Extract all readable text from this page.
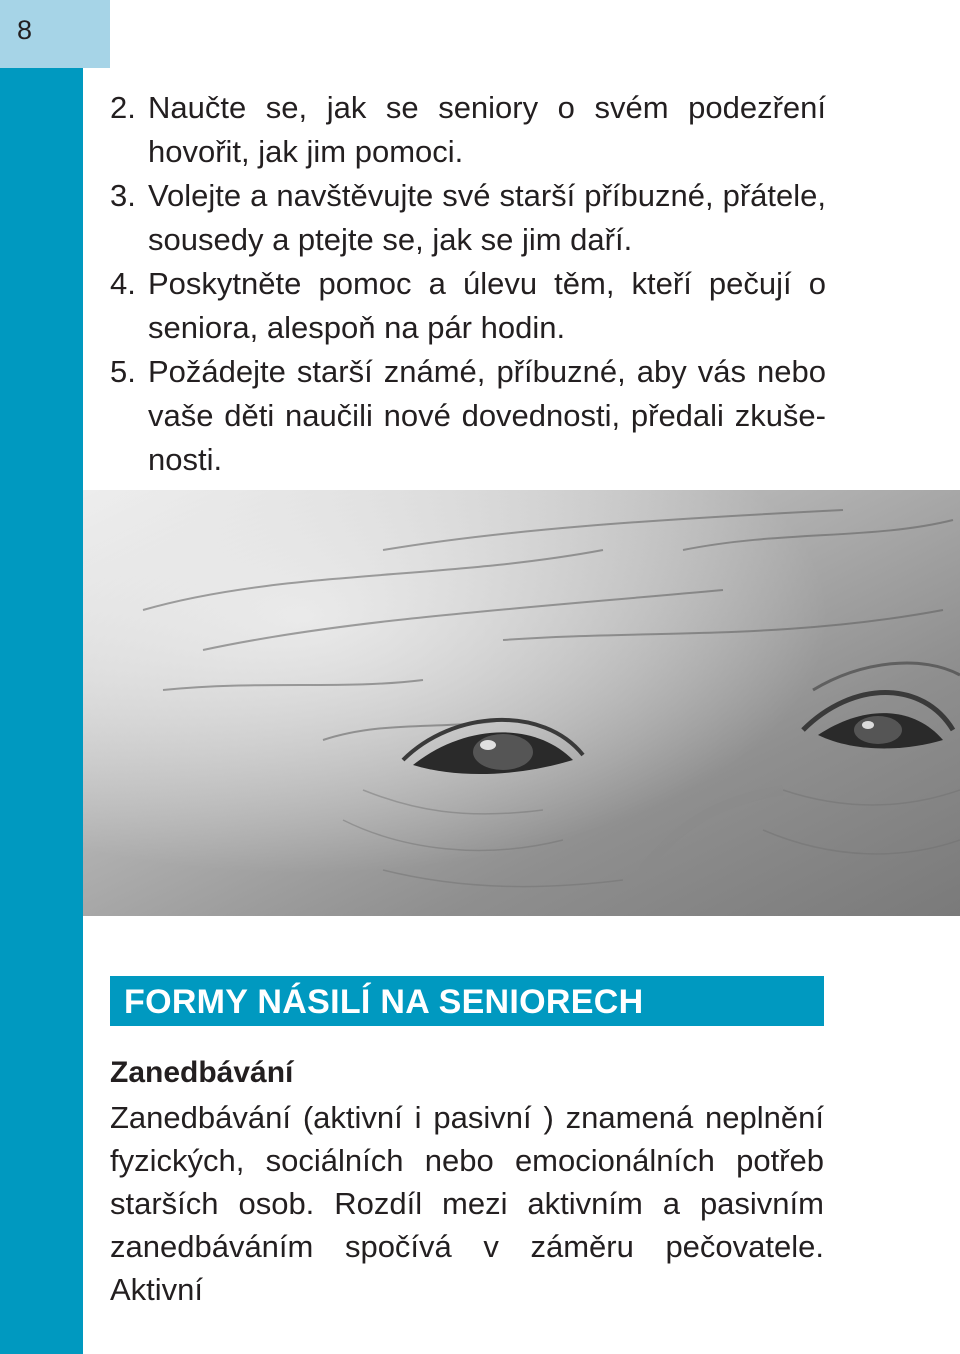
8
2. Naučte se, jak se seniory o svém podezření hovořit, jak jim pomoci.
3. Volejte a navštěvujte své starší příbuzné, přátele, sousedy a ptejte se, jak se jim daří.
4. Poskytněte pomoc a úlevu těm, kteří pečují o seniora, alespoň na pár hodin.
5. Požádejte starší známé, příbuzné, aby vás nebo vaše děti naučili nové dovednosti, předali zkuše-nosti.
FORMY NÁSILÍ NA SENIORECH
Zanedbávání

Zanedbávání (aktivní i pasivní ) znamená neplnění fyzických, sociálních nebo emocionálních potřeb starších osob. Rozdíl mezi aktivním a pasivním zanedbáváním spočívá v záměru pečovatele. Aktivní
